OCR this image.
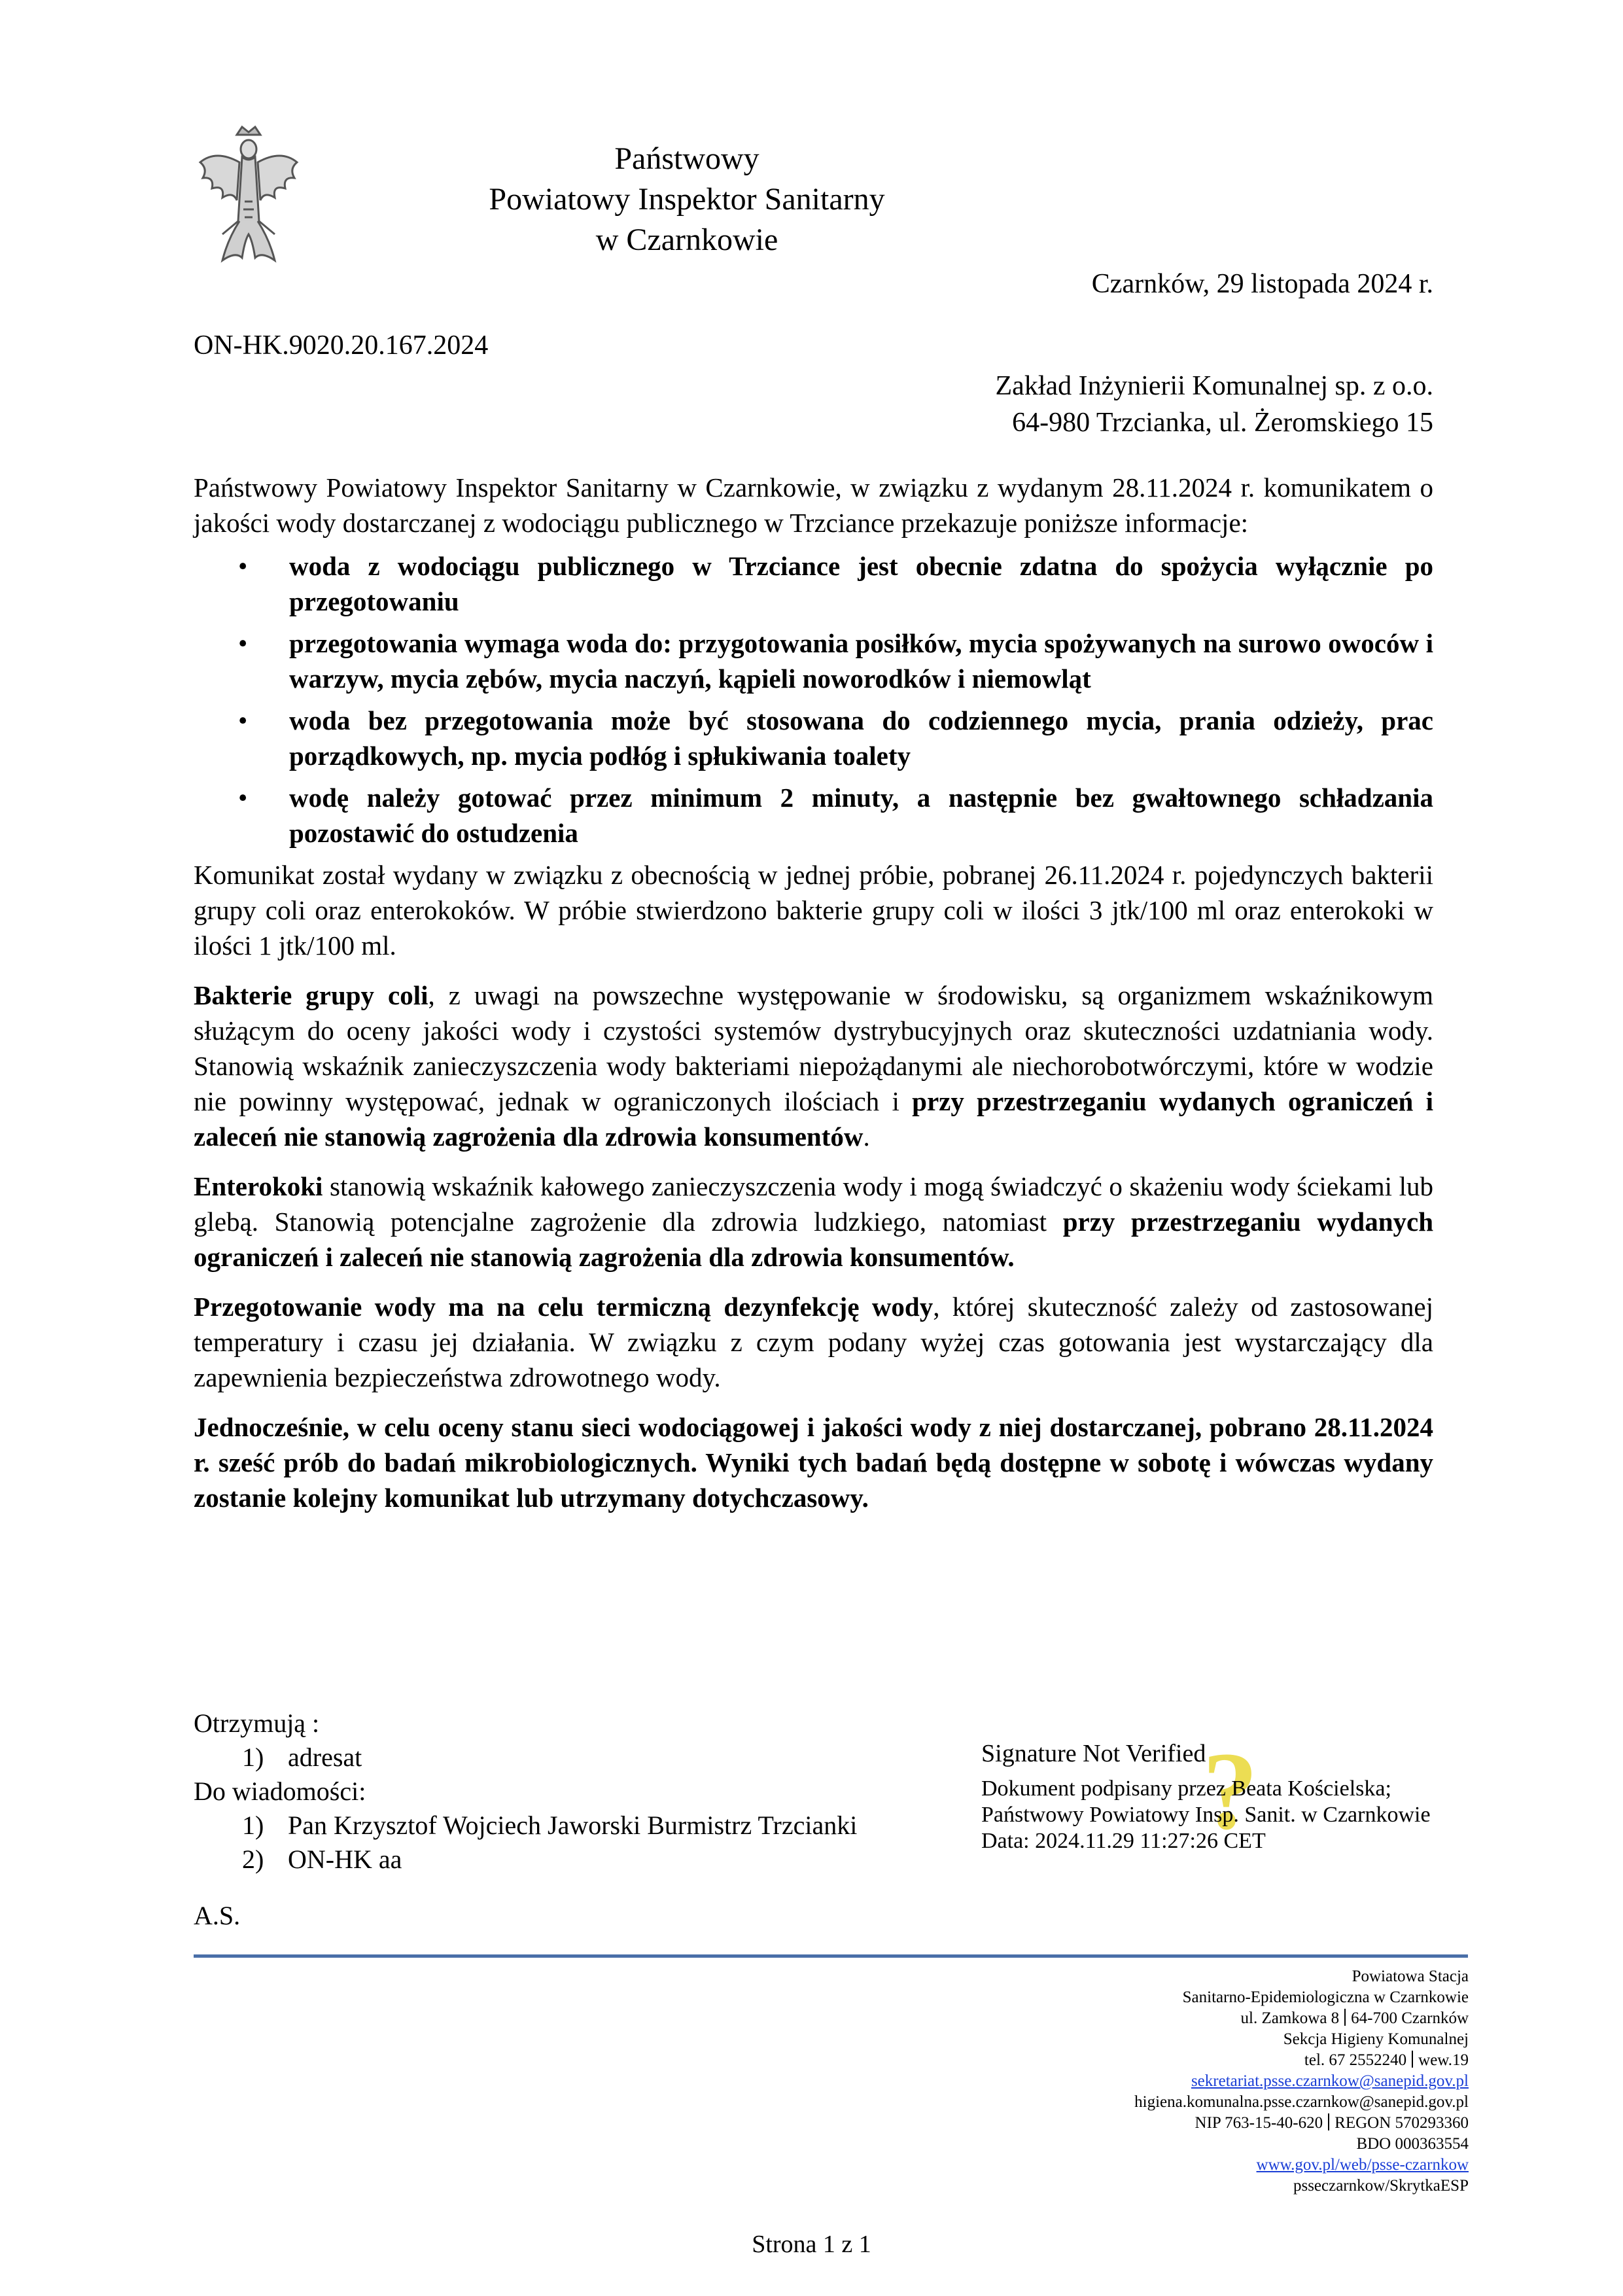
Państwowy
Powiatowy Inspektor Sanitarny
w Czarnkowie
Czarnków, 29 listopada 2024 r.
ON-HK.9020.20.167.2024
Zakład Inżynierii Komunalnej sp. z o.o.
64-980 Trzcianka, ul. Żeromskiego 15

Państwowy Powiatowy Inspektor Sanitarny w Czarnkowie, w związku z wydanym 28.11.2024 r. komunikatem o jakości wody dostarczanej z wodociągu publicznego w Trzciance przekazuje poniższe informacje:

• woda z wodociągu publicznego w Trzciance jest obecnie zdatna do spożycia wyłącznie po przegotowaniu
• przegotowania wymaga woda do: przygotowania posiłków, mycia spożywanych na surowo owoców i warzyw, mycia zębów, mycia naczyń, kąpieli noworodków i niemowląt
• woda bez przegotowania może być stosowana do codziennego mycia, prania odzieży, prac porządkowych, np. mycia podłóg i spłukiwania toalety
• wodę należy gotować przez minimum 2 minuty, a następnie bez gwałtownego schładzania pozostawić do ostudzenia

Komunikat został wydany w związku z obecnością w jednej próbie, pobranej 26.11.2024 r. pojedynczych bakterii grupy coli oraz enterokoków. W próbie stwierdzono bakterie grupy coli w ilości 3 jtk/100 ml oraz enterokoki w ilości 1 jtk/100 ml.

Bakterie grupy coli, z uwagi na powszechne występowanie w środowisku, są organizmem wskaźnikowym służącym do oceny jakości wody i czystości systemów dystrybucyjnych oraz skuteczności uzdatniania wody. Stanowią wskaźnik zanieczyszczenia wody bakteriami niepożądanymi ale niechorobotwórczymi, które w wodzie nie powinny występować, jednak w ograniczonych ilościach i przy przestrzeganiu wydanych ograniczeń i zaleceń nie stanowią zagrożenia dla zdrowia konsumentów.

Enterokoki stanowią wskaźnik kałowego zanieczyszczenia wody i mogą świadczyć o skażeniu wody ściekami lub glebą. Stanowią potencjalne zagrożenie dla zdrowia ludzkiego, natomiast przy przestrzeganiu wydanych ograniczeń i zaleceń nie stanowią zagrożenia dla zdrowia konsumentów.

Przegotowanie wody ma na celu termiczną dezynfekcję wody, której skuteczność zależy od zastosowanej temperatury i czasu jej działania. W związku z czym podany wyżej czas gotowania jest wystarczający dla zapewnienia bezpieczeństwa zdrowotnego wody.

Jednocześnie, w celu oceny stanu sieci wodociągowej i jakości wody z niej dostarczanej, pobrano 28.11.2024 r. sześć prób do badań mikrobiologicznych. Wyniki tych badań będą dostępne w sobotę i wówczas wydany zostanie kolejny komunikat lub utrzymany dotychczasowy.

Otrzymują :
1) adresat
Do wiadomości:
1) Pan Krzysztof Wojciech Jaworski Burmistrz Trzcianki
2) ON-HK aa
A.S.
?
Signature Not Verified
Dokument podpisany przez Beata Kościelska;
Państwowy Powiatowy Insp. Sanit. w Czarnkowie
Data: 2024.11.29 11:27:26 CET
Powiatowa Stacja
Sanitarno-Epidemiologiczna w Czarnkowie
ul. Zamkowa 8 64-700 Czarnków
Sekcja Higieny Komunalnej
tel. 67 2552240 wew.19
sekretariat.psse.czarnkow@sanepid.gov.pl
higiena.komunalna.psse.czarnkow@sanepid.gov.pl
NIP 763-15-40-620 REGON 570293360
BDO 000363554
www.gov.pl/web/psse-czarnkow
psseczarnkow/SkrytkaESP
Strona 1 z 1
